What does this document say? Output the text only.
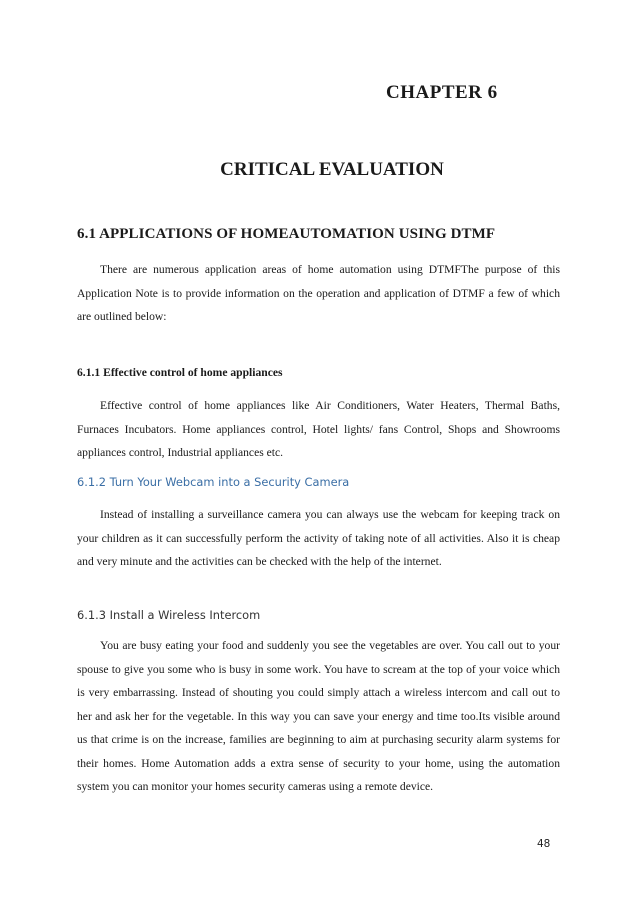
CHAPTER 6
CRITICAL EVALUATION
6.1 APPLICATIONS OF HOMEAUTOMATION USING DTMF

There are numerous application areas of home automation using DTMFThe purpose of this Application Note is to provide information on the operation and application of DTMF a few of which are outlined below:

6.1.1 Effective control of home appliances

Effective control of home appliances like Air Conditioners, Water Heaters, Thermal Baths, Furnaces Incubators. Home appliances control, Hotel lights/ fans Control, Shops and Showrooms appliances control, Industrial appliances etc.

6.1.2 Turn Your Webcam into a Security Camera

Instead of installing a surveillance camera you can always use the webcam for keeping track on your children as it can successfully perform the activity of taking note of all activities. Also it is cheap and very minute and the activities can be checked with the help of the internet.

6.1.3 Install a Wireless Intercom

You are busy eating your food and suddenly you see the vegetables are over. You call out to your spouse to give you some who is busy in some work. You have to scream at the top of your voice which is very embarrassing. Instead of shouting you could simply attach a wireless intercom and call out to her and ask her for the vegetable. In this way you can save your energy and time too.Its visible around us that crime is on the increase, families are beginning to aim at purchasing security alarm systems for their homes. Home Automation adds a extra sense of security to your home, using the automation system you can monitor your homes security cameras using a remote device.

48
